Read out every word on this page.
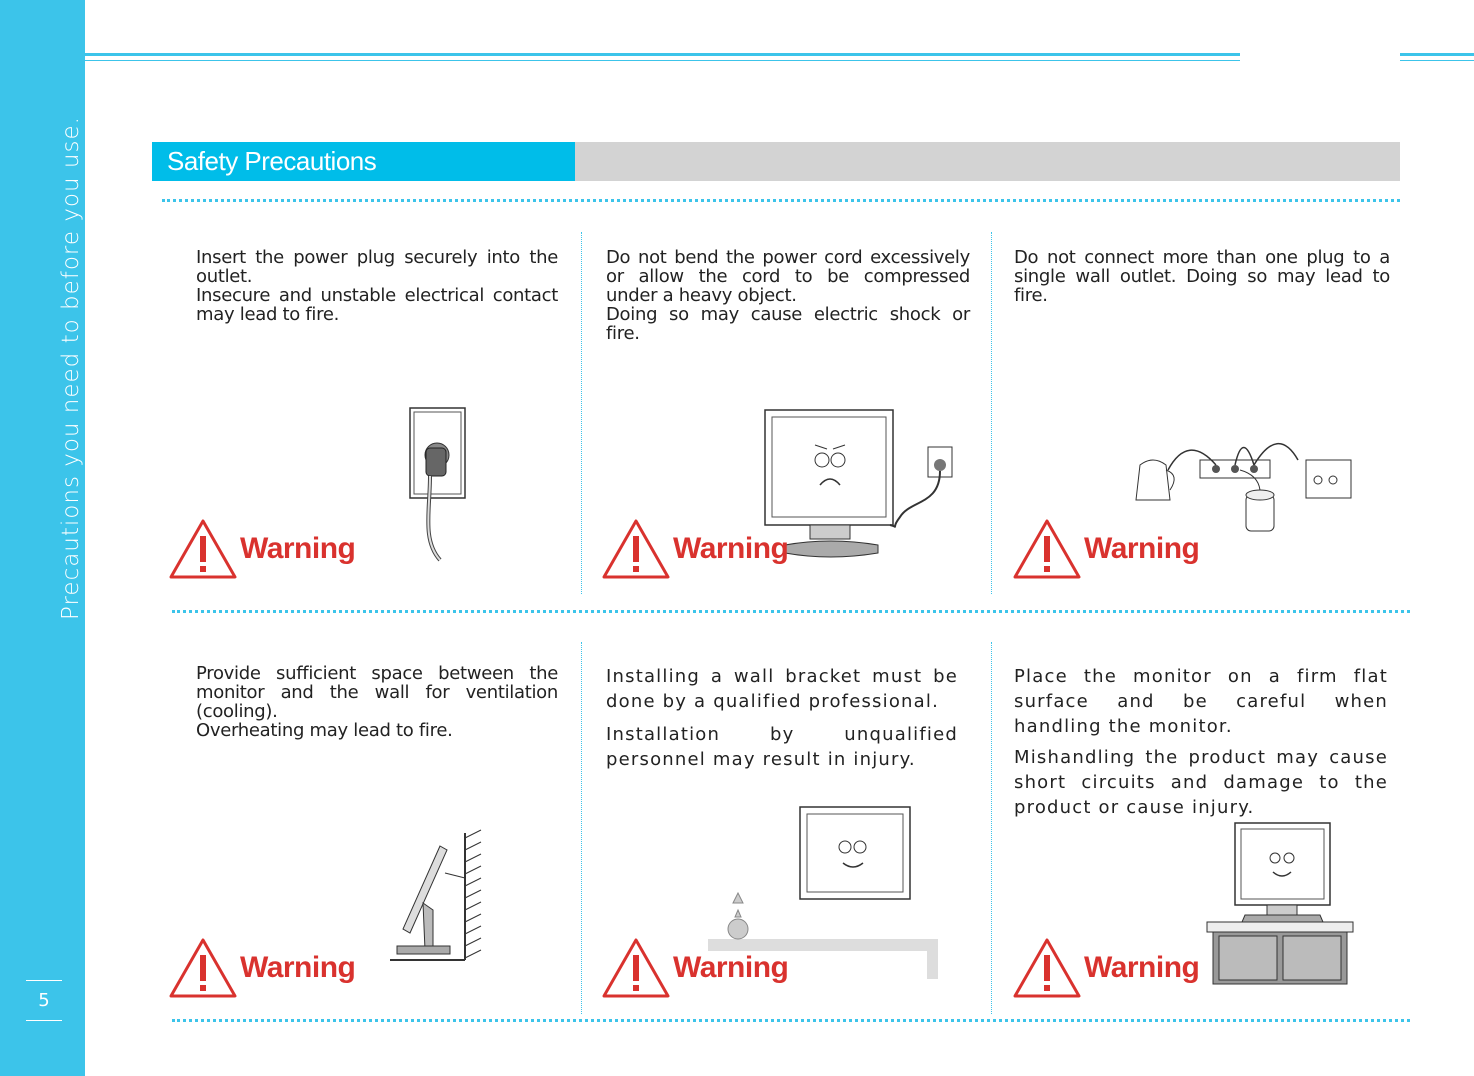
Precautions you need to before you use.
5
Safety Precautions

Insert the power plug securely into the outlet.

Insecure and unstable electrical contact may lead to fire.

Warning

Do not bend the power cord excessively or allow the cord to be compressed under a heavy object.

Doing so may cause electric shock or fire.

Warning

Do not connect more than one plug to a single wall outlet. Doing so may lead to fire.

Warning

Provide sufficient space between the monitor and the wall for ventilation (cooling).

Overheating may lead to fire.

Warning

Installing a wall bracket must be done by a qualified professional.

Installation by unqualified personnel may result in injury.

Warning

Place the monitor on a firm flat surface and be careful when handling the monitor.

Mishandling the product may cause short circuits and damage to the product or cause injury.

Warning
